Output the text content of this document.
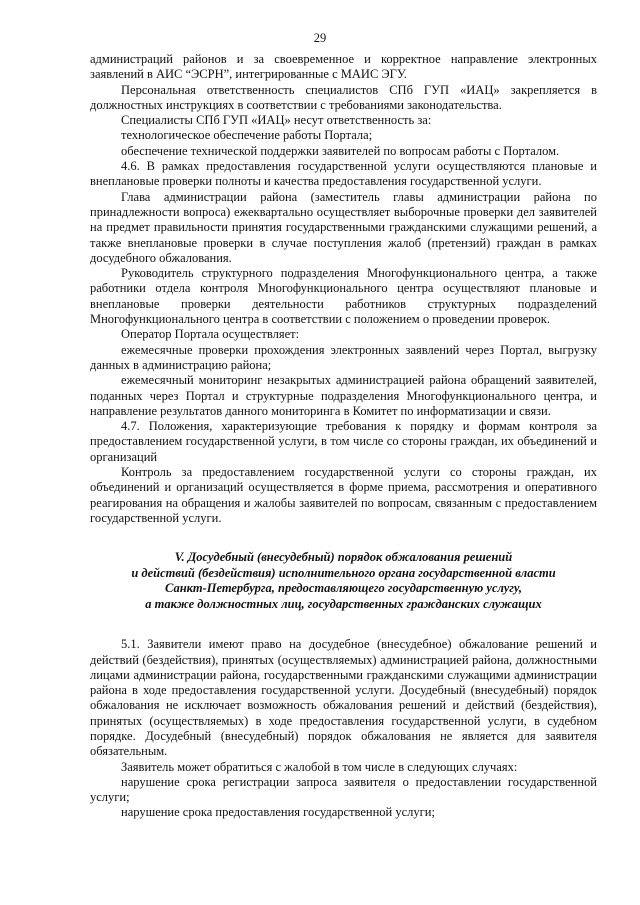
29

администраций районов и за своевременное и корректное направление электронных заявлений в АИС “ЭСРН”, интегрированные с МАИС ЭГУ.

Персональная ответственность специалистов СПб ГУП «ИАЦ» закрепляется в должностных инструкциях в соответствии с требованиями законодательства.

Специалисты СПб ГУП «ИАЦ» несут ответственность за:

технологическое обеспечение работы Портала;

обеспечение технической поддержки заявителей по вопросам работы с Порталом.

4.6. В рамках предоставления государственной услуги осуществляются плановые и внеплановые проверки полноты и качества предоставления государственной услуги.

Глава администрации района (заместитель главы администрации района по принадлежности вопроса) ежеквартально осуществляет выборочные проверки дел заявителей на предмет правильности принятия государственными гражданскими служащими решений, а также внеплановые проверки в случае поступления жалоб (претензий) граждан в рамках досудебного обжалования.

Руководитель структурного подразделения Многофункционального центра, а также работники отдела контроля Многофункционального центра осуществляют плановые и внеплановые проверки деятельности работников структурных подразделений Многофункционального центра в соответствии с положением о проведении проверок.

Оператор Портала осуществляет:

ежемесячные проверки прохождения электронных заявлений через Портал, выгрузку данных в администрацию района;

ежемесячный мониторинг незакрытых администрацией района обращений заявителей, поданных через Портал и структурные подразделения Многофункционального центра, и направление результатов данного мониторинга в Комитет по информатизации и связи.

4.7. Положения, характеризующие требования к порядку и формам контроля за предоставлением государственной услуги, в том числе со стороны граждан, их объединений и организаций

Контроль за предоставлением государственной услуги со стороны граждан, их объединений и организаций осуществляется в форме приема, рассмотрения и оперативного реагирования на обращения и жалобы заявителей по вопросам, связанным с предоставлением государственной услуги.

V. Досудебный (внесудебный) порядок обжалования решений
и действий (бездействия) исполнительного органа государственной власти
Санкт-Петербурга, предоставляющего государственную услугу,
а также должностных лиц, государственных гражданских служащих

5.1. Заявители имеют право на досудебное (внесудебное) обжалование решений и действий (бездействия), принятых (осуществляемых) администрацией района, должностными лицами администрации района, государственными гражданскими служащими администрации района в ходе предоставления государственной услуги. Досудебный (внесудебный) порядок обжалования не исключает возможность обжалования решений и действий (бездействия), принятых (осуществляемых) в ходе предоставления государственной услуги, в судебном порядке. Досудебный (внесудебный) порядок обжалования не является для заявителя обязательным.

Заявитель может обратиться с жалобой в том числе в следующих случаях:

нарушение срока регистрации запроса заявителя о предоставлении государственной услуги;

нарушение срока предоставления государственной услуги;
